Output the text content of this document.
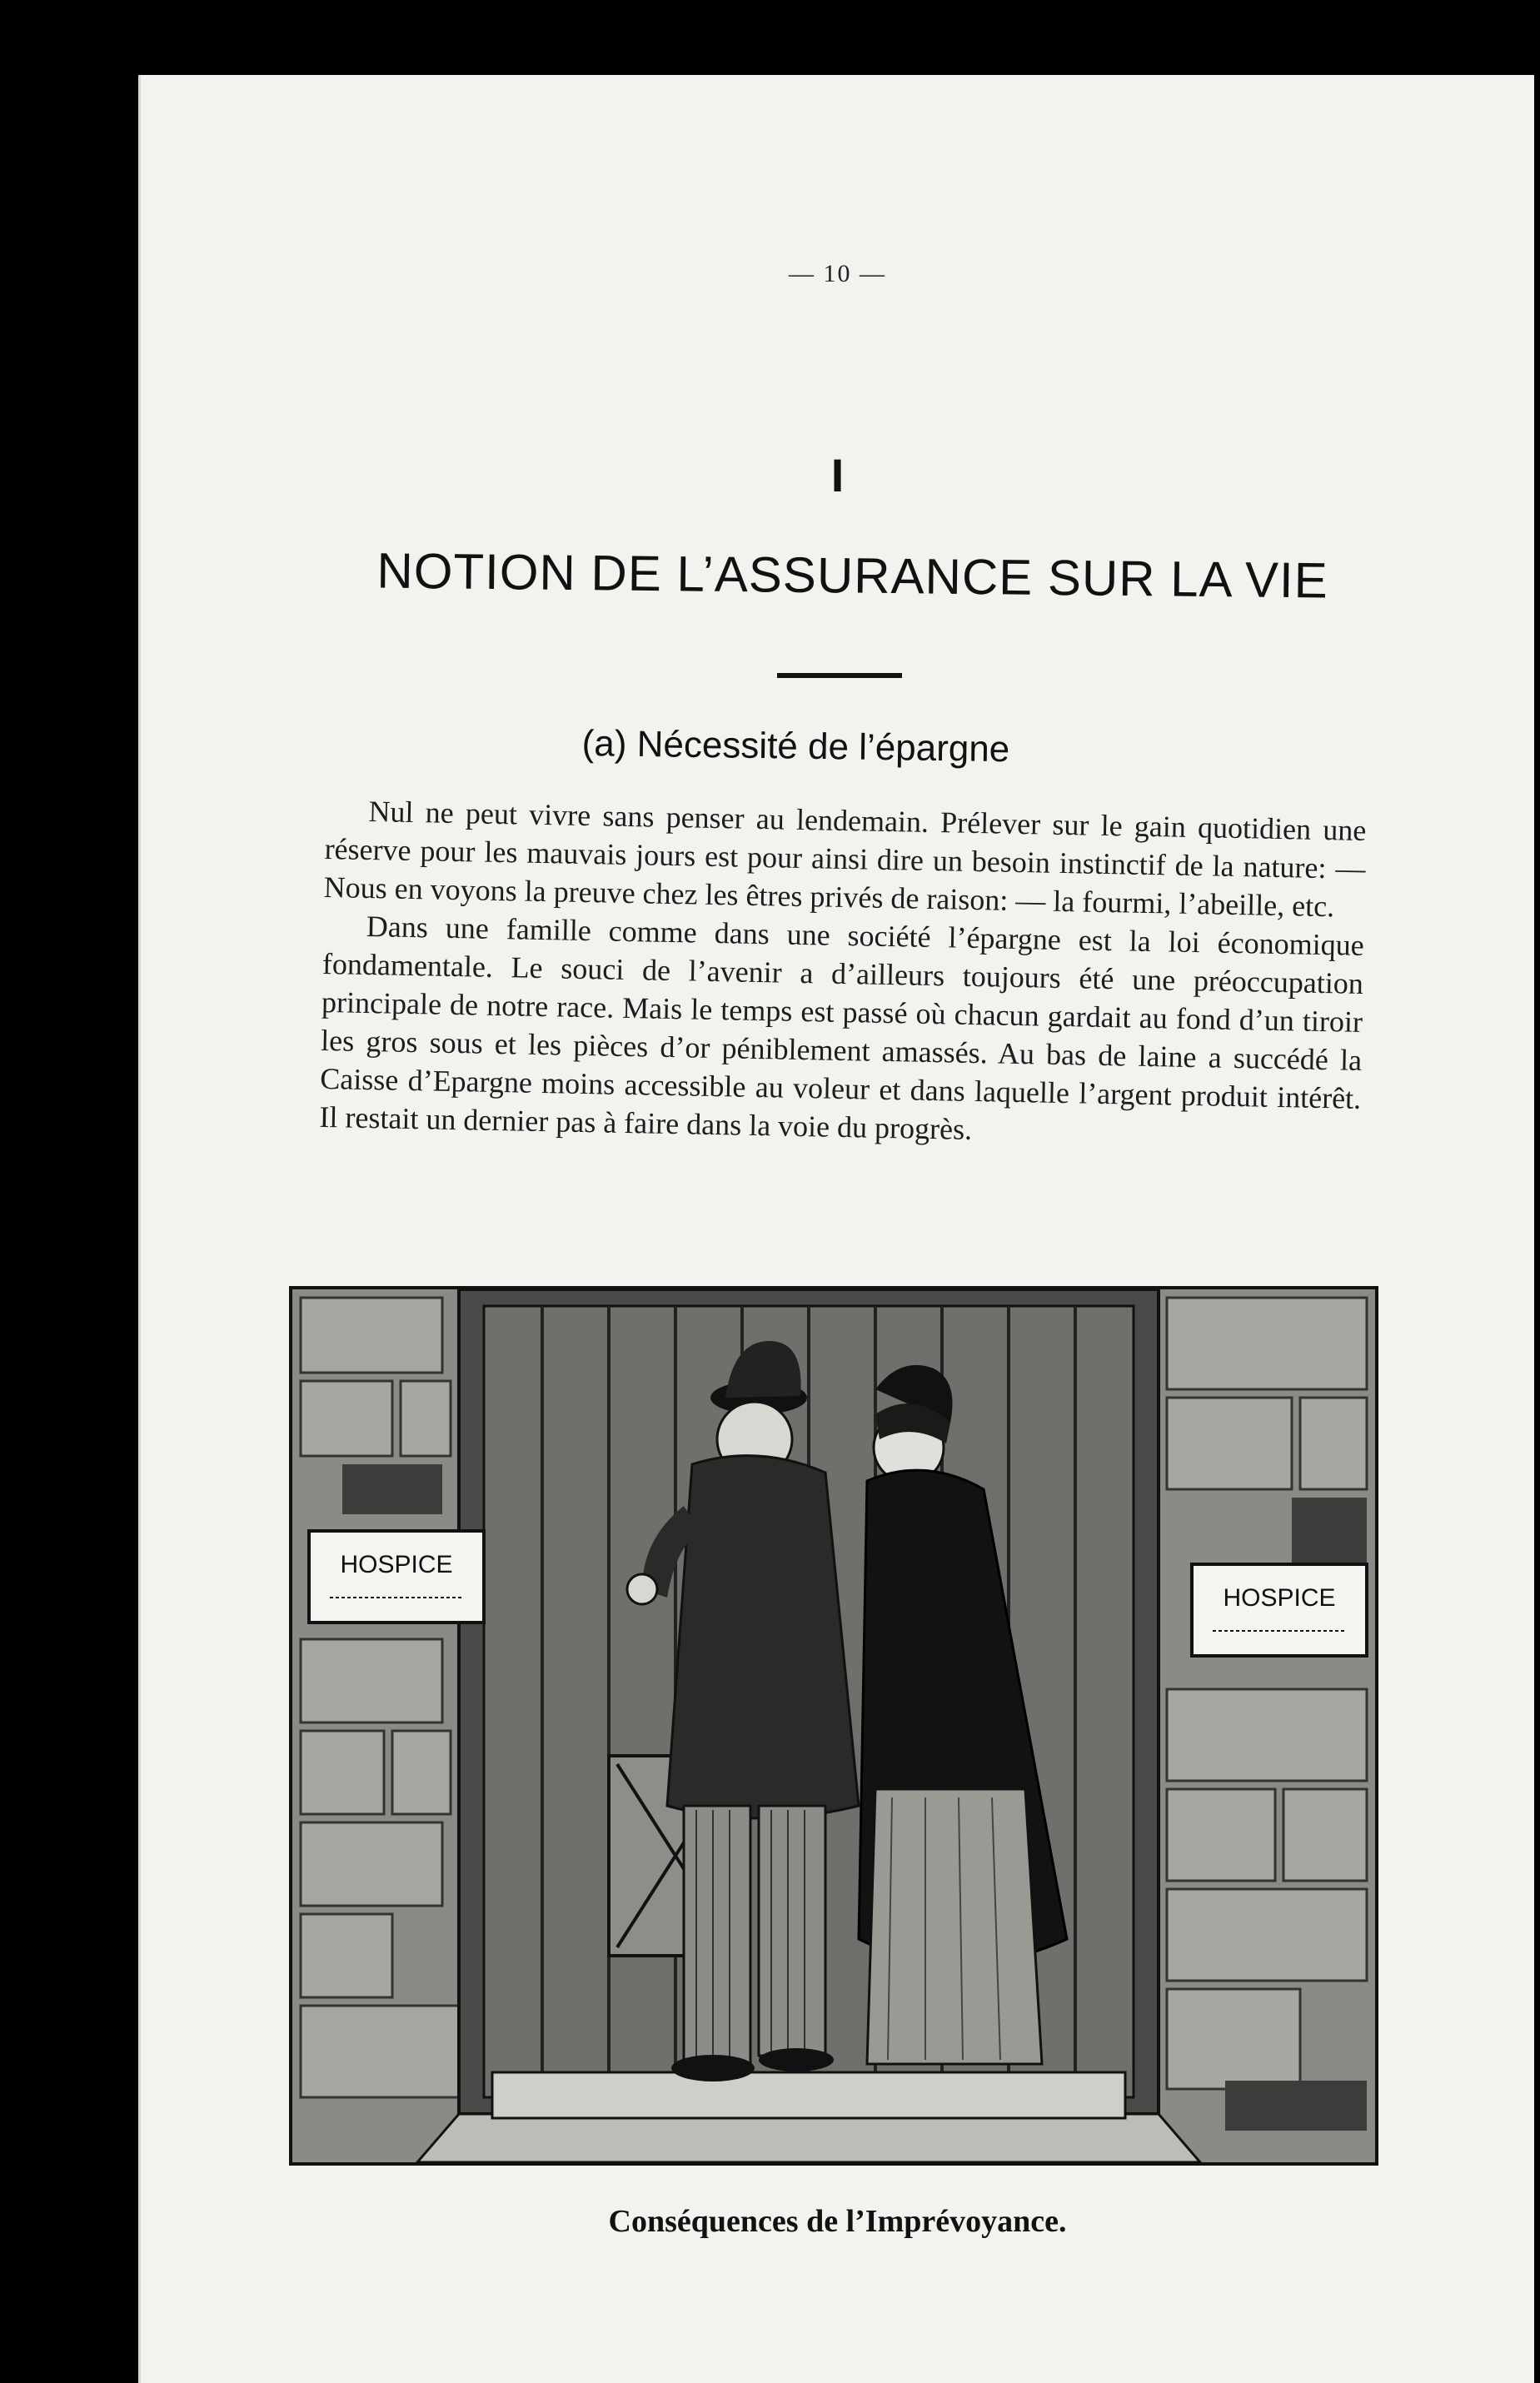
— 10 —
I
NOTION DE L’ASSURANCE SUR LA VIE
(a) Nécessité de l’épargne

Nul ne peut vivre sans penser au lendemain. Prélever sur le gain quotidien une réserve pour les mauvais jours est pour ainsi dire un besoin instinctif de la nature: — Nous en voyons la preuve chez les êtres privés de raison: — la fourmi, l’abeille, etc.

Dans une famille comme dans une société l’épargne est la loi économique fondamentale. Le souci de l’avenir a d’ailleurs toujours été une préoccupation principale de notre race. Mais le temps est passé où chacun gardait au fond d’un tiroir les gros sous et les pièces d’or péniblement amassés. Au bas de laine a succédé la Caisse d’Epargne moins accessible au voleur et dans laquelle l’argent produit intérêt. Il restait un dernier pas à faire dans la voie du progrès.

HOSPICE
HOSPICE
Conséquences de l’Imprévoyance.
